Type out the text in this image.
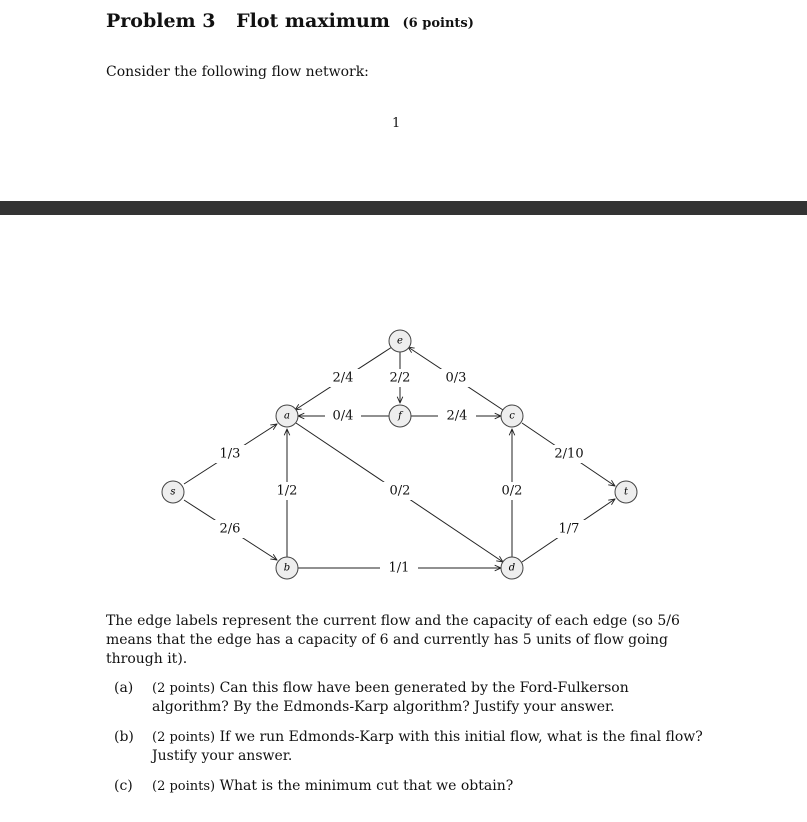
Problem 3 Flot maximum (6 points)
Consider the following flow network:
1
1/3
2/6
1/2
2/4
0/4
2/2	0/3
2/4
0/2	0/2
1/1
2/10
1/7
s
a
b
e
f	c
d
t
The edge labels represent the current flow and the capacity of each edge (so 5/6 means that the edge has a capacity of 6 and currently has 5 units of flow going through it).
(a) (2 points) Can this flow have been generated by the Ford-Fulkerson algorithm? By the Edmonds-Karp algorithm? Justify your answer.
(b) (2 points) If we run Edmonds-Karp with this initial flow, what is the final flow? Justify your answer.
(c) (2 points) What is the minimum cut that we obtain?
